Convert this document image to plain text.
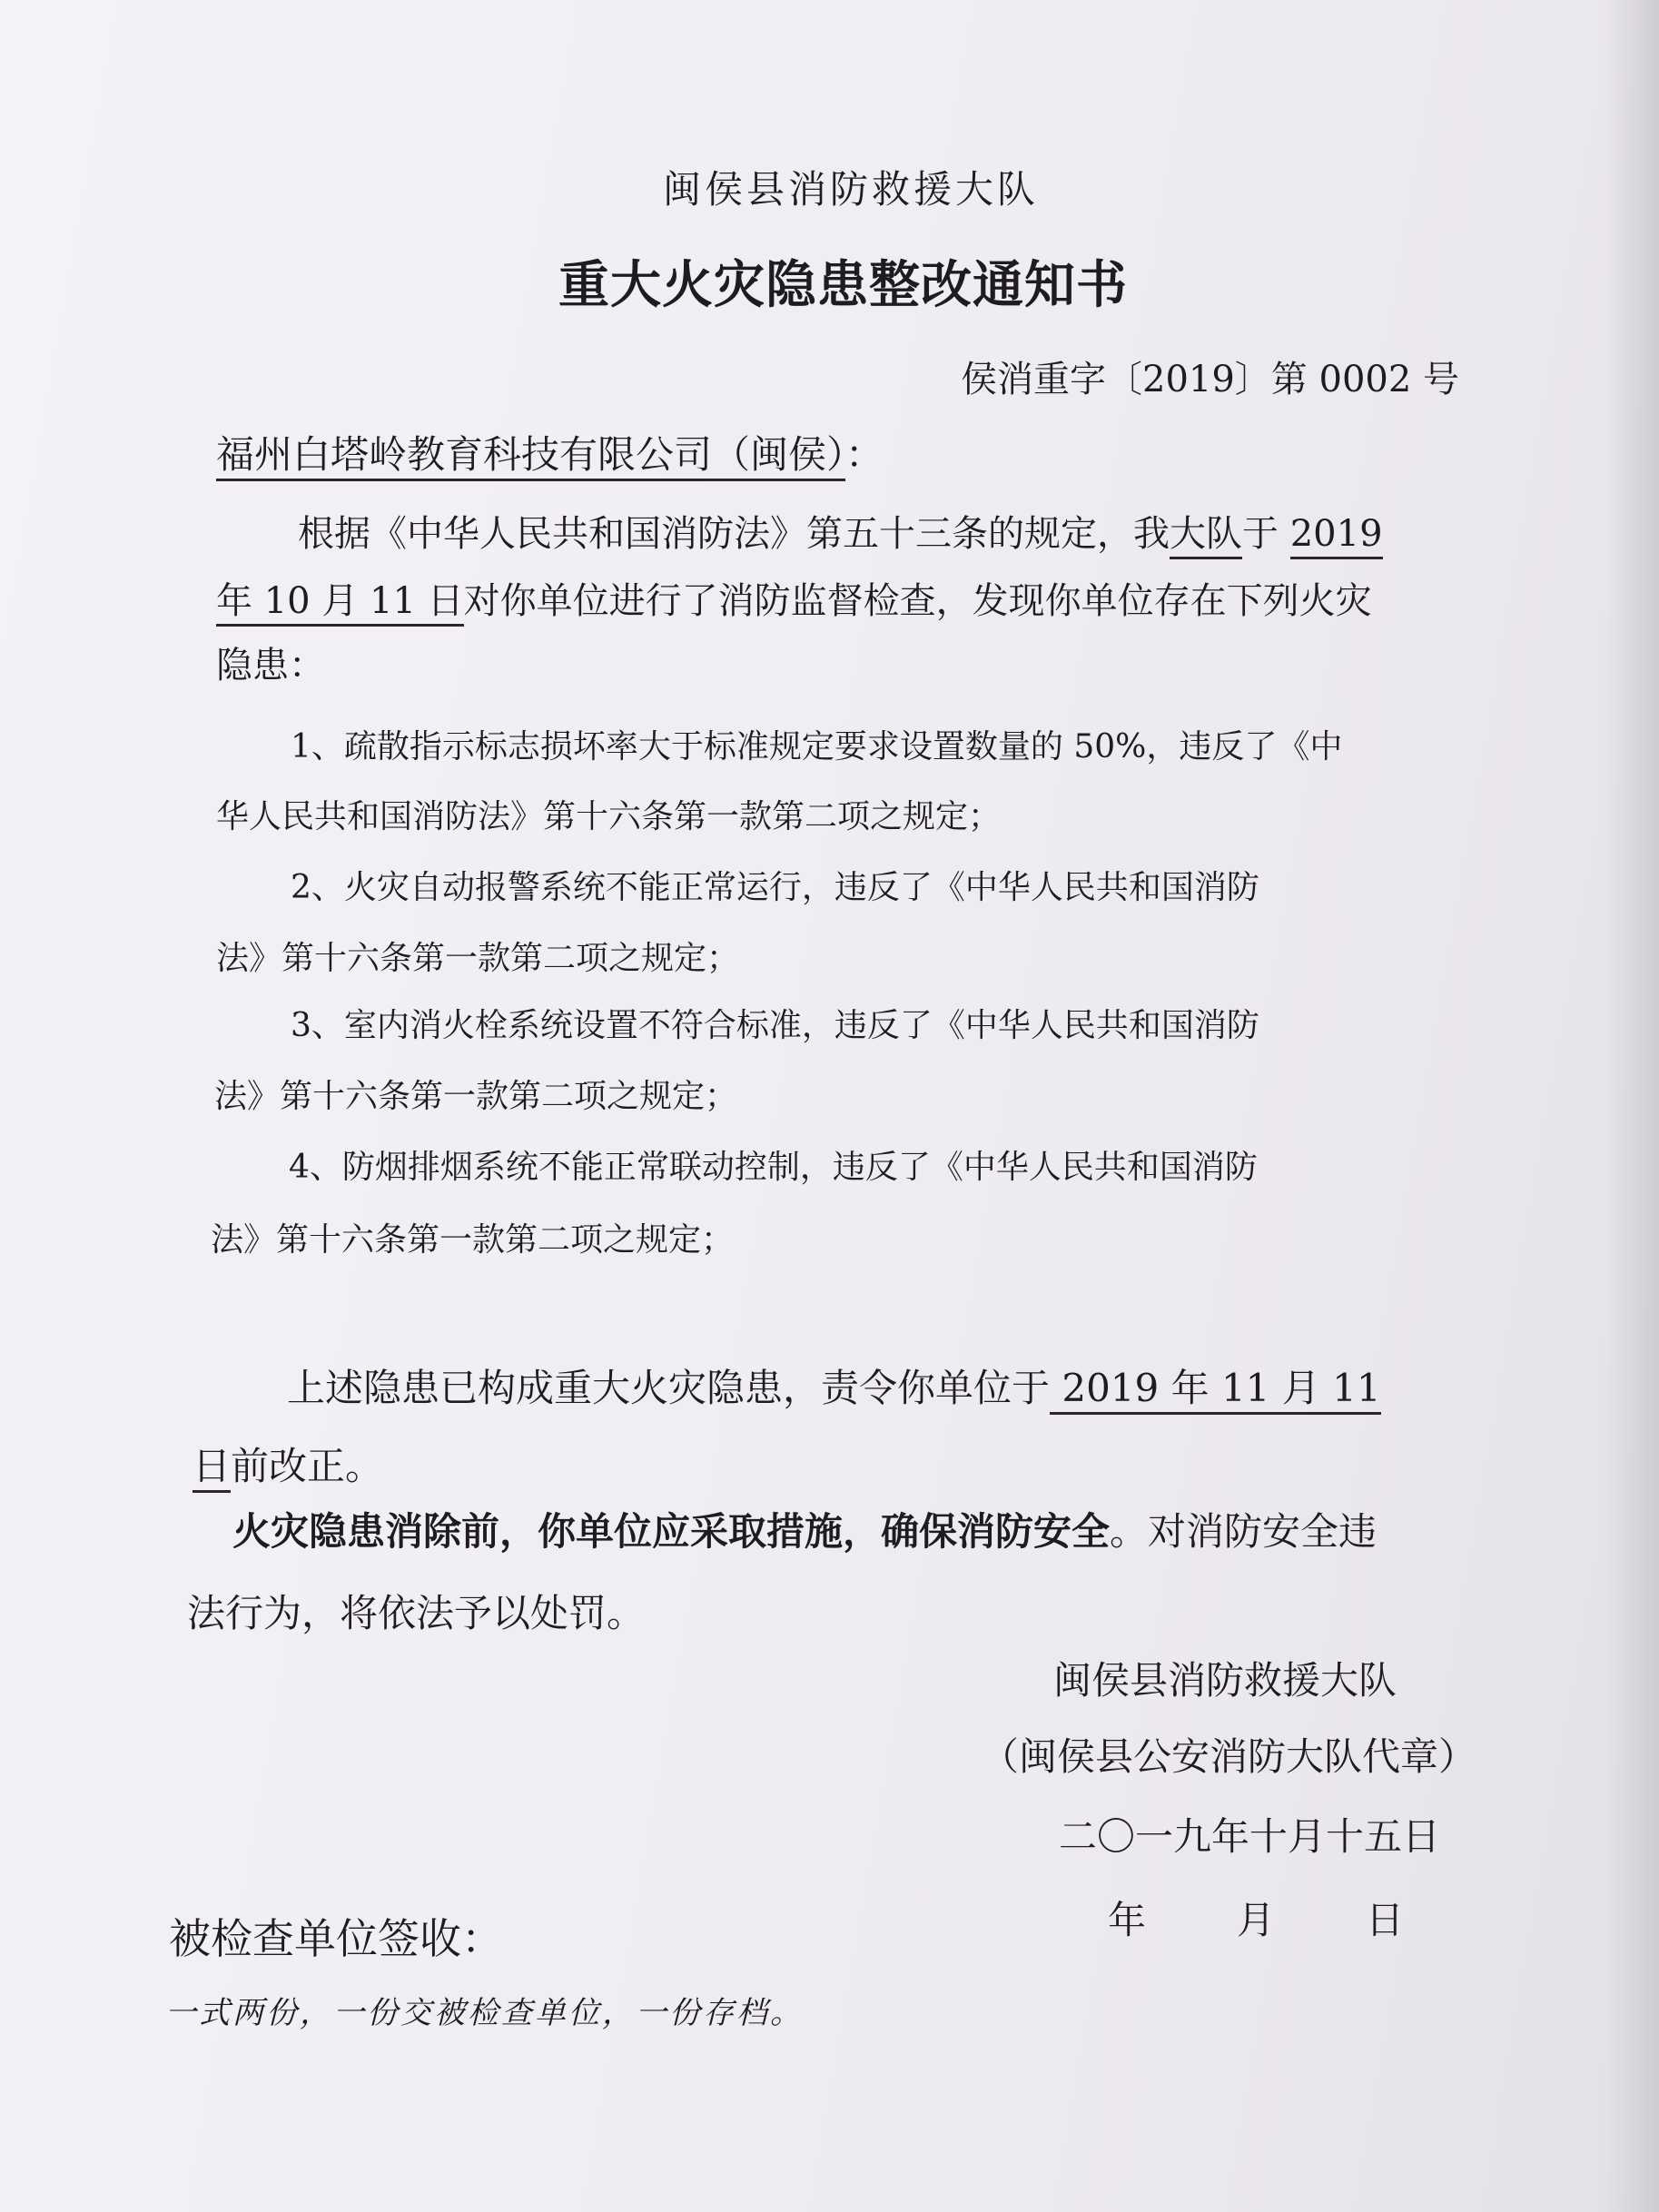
闽侯县消防救援大队
重大火灾隐患整改通知书
侯消重字〔2019〕第 0002 号
福州白塔岭教育科技有限公司（闽侯）：
根据《中华人民共和国消防法》第五十三条的规定，我大队于 2019
年 10 月 11 日对你单位进行了消防监督检查，发现你单位存在下列火灾
隐患：
1、疏散指示标志损坏率大于标准规定要求设置数量的 50%，违反了《中
华人民共和国消防法》第十六条第一款第二项之规定；
2、火灾自动报警系统不能正常运行，违反了《中华人民共和国消防
法》第十六条第一款第二项之规定；
3、室内消火栓系统设置不符合标准，违反了《中华人民共和国消防
法》第十六条第一款第二项之规定；
4、防烟排烟系统不能正常联动控制，违反了《中华人民共和国消防
法》第十六条第一款第二项之规定；
上述隐患已构成重大火灾隐患，责令你单位于 2019 年 11 月 11
日前改正。
火灾隐患消除前，你单位应采取措施，确保消防安全。对消防安全违
法行为，将依法予以处罚。
闽侯县消防救援大队
（闽侯县公安消防大队代章）
二〇一九年十月十五日
年 月 日
被检查单位签收：
一式两份，一份交被检查单位，一份存档。
